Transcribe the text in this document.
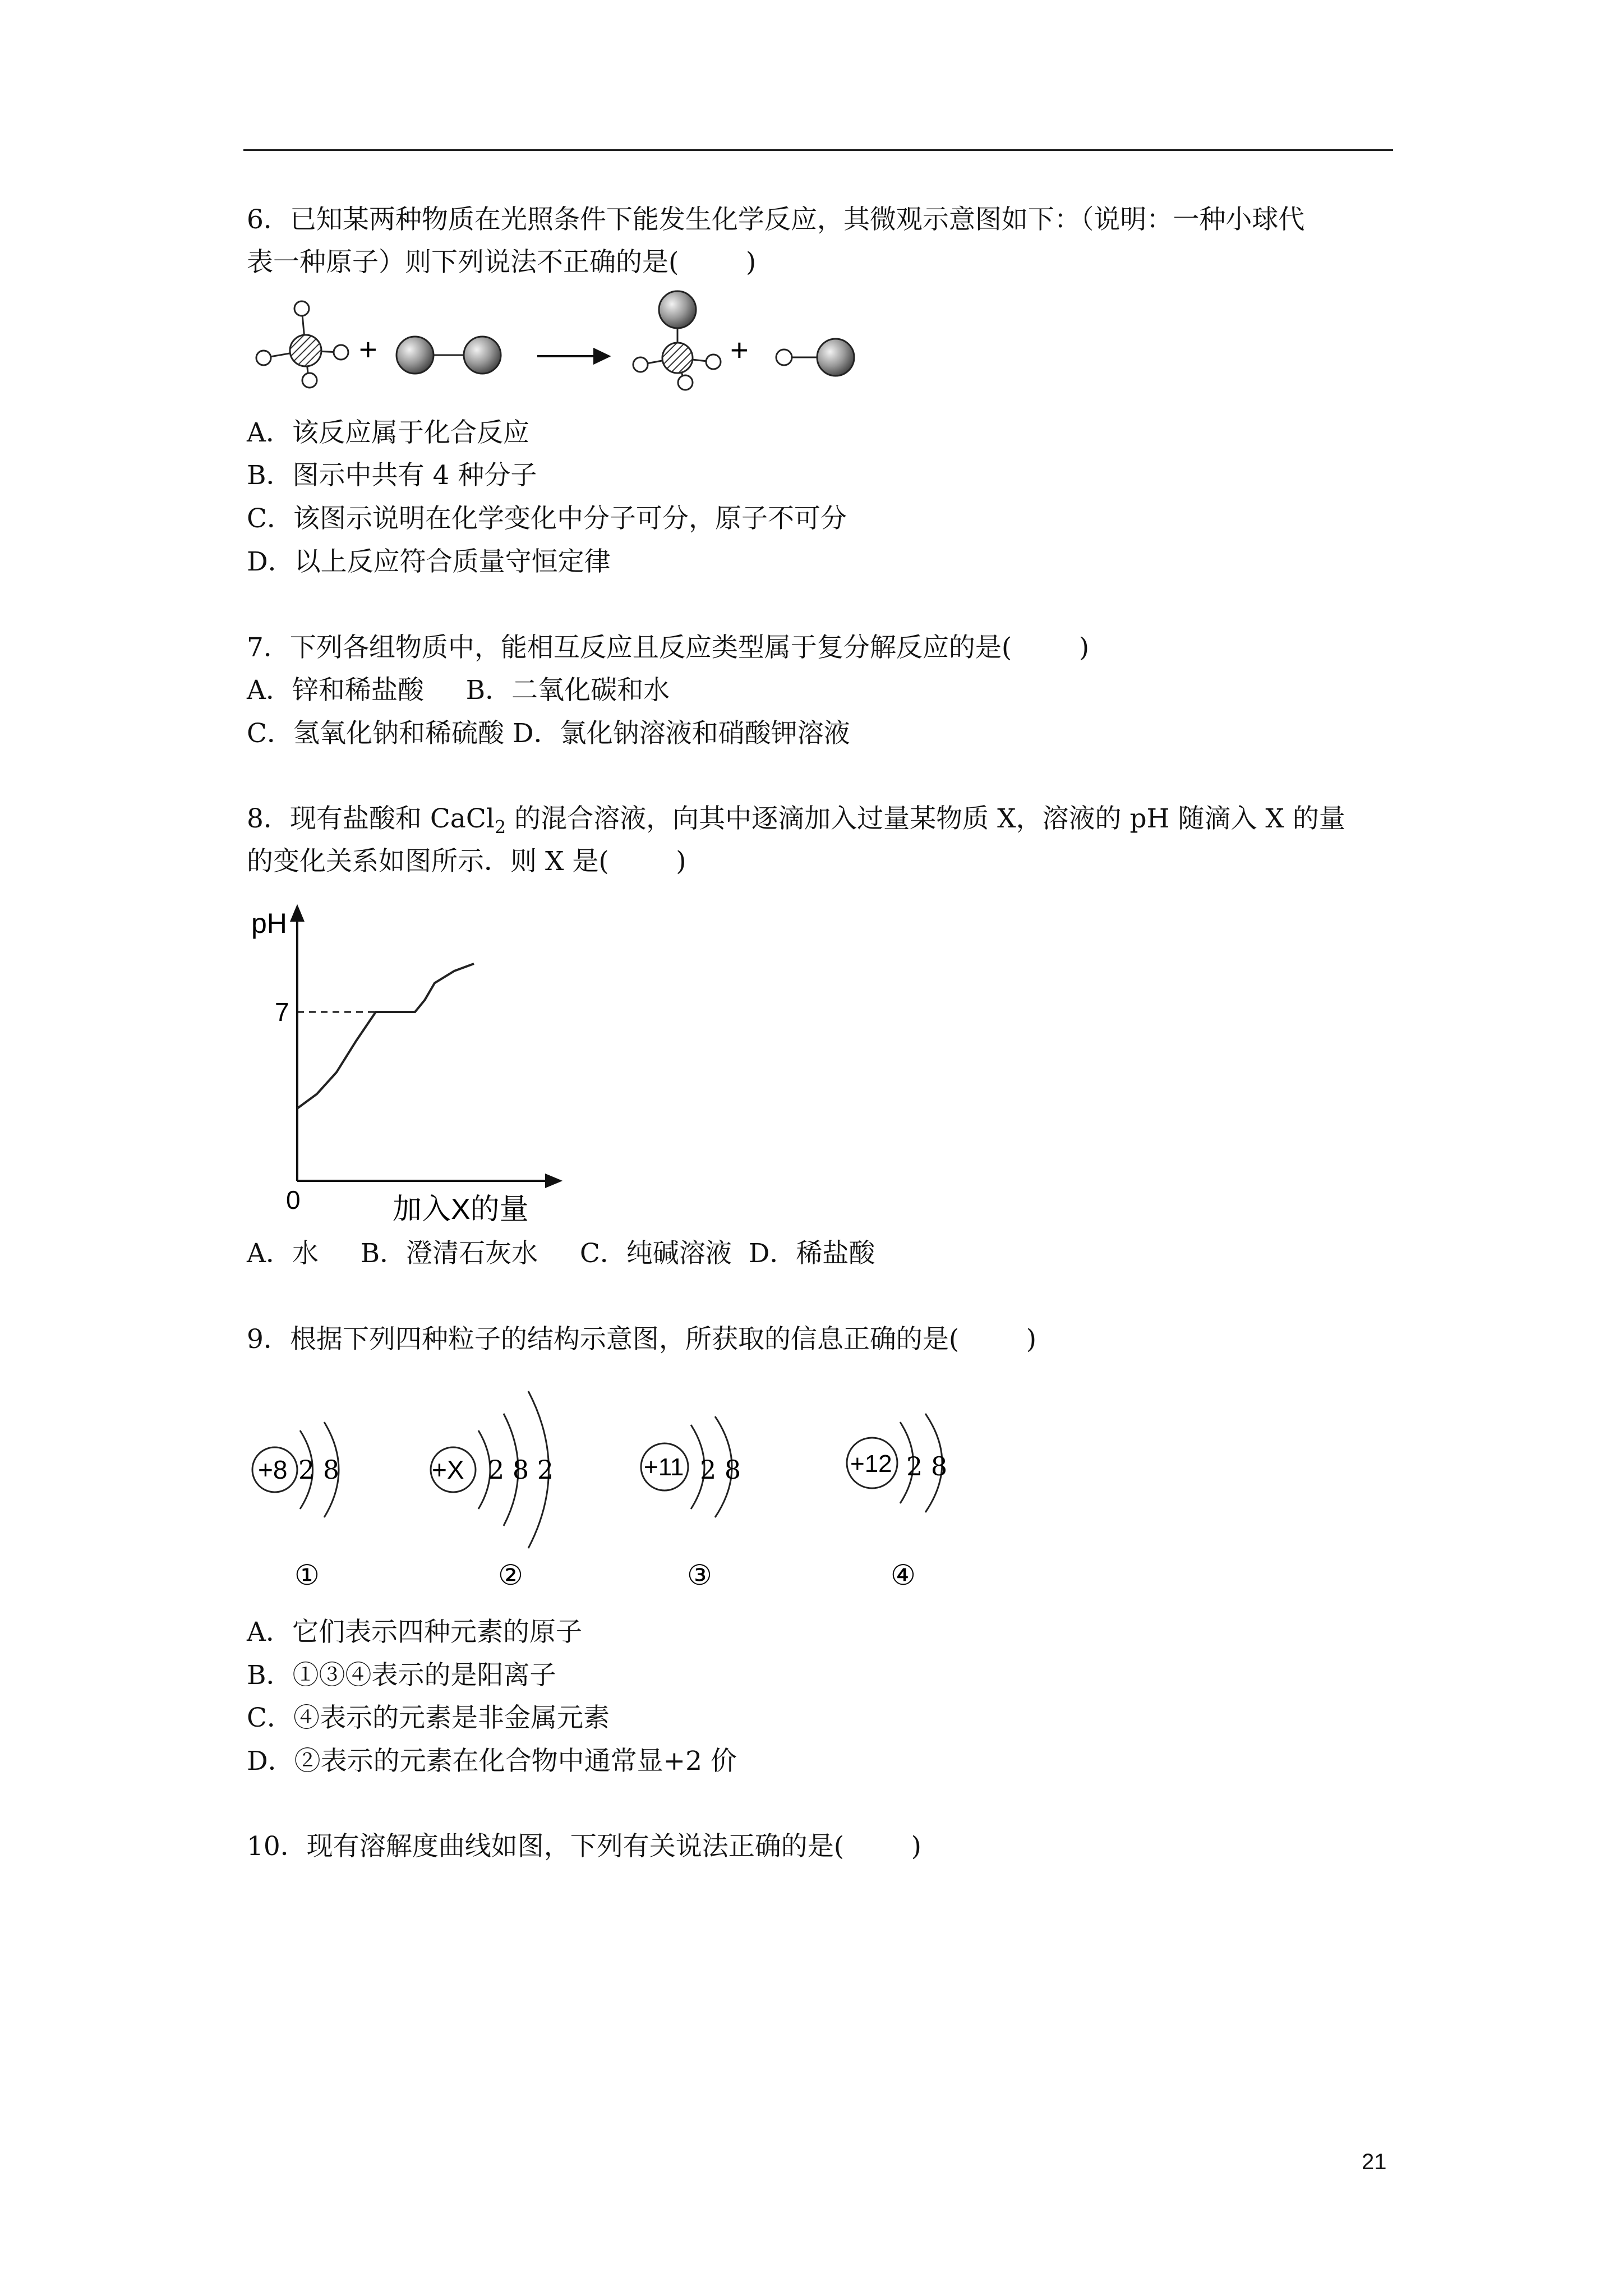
6．已知某两种物质在光照条件下能发生化学反应，其微观示意图如下：（说明：一种小球代
表一种原子）则下列说法不正确的是(        )
+	+
A．该反应属于化合反应
B．图示中共有 4 种分子
C．该图示说明在化学变化中分子可分，原子不可分
D．以上反应符合质量守恒定律
7．下列各组物质中，能相互反应且反应类型属于复分解反应的是(        )
A．锌和稀盐酸     B．二氧化碳和水
C．氢氧化钠和稀硫酸 D．氯化钠溶液和硝酸钾溶液
8．现有盐酸和 CaCl$_2$ 的混合溶液，向其中逐滴加入过量某物质 X，溶液的 pH 随滴入 X 的量
的变化关系如图所示．则 X 是(        )
pH
7
0	加入X的量
A．水     B．澄清石灰水     C．纯碱溶液  D．稀盐酸
9．根据下列四种粒子的结构示意图，所获取的信息正确的是(        )
+8 2 8
①
+X 2 8 2
②
+11 2 8
③
+12 2 8
④
A．它们表示四种元素的原子
B．①③④表示的是阳离子
C．④表示的元素是非金属元素
D．②表示的元素在化合物中通常显+2 价
10．现有溶解度曲线如图，下列有关说法正确的是(        )
21
